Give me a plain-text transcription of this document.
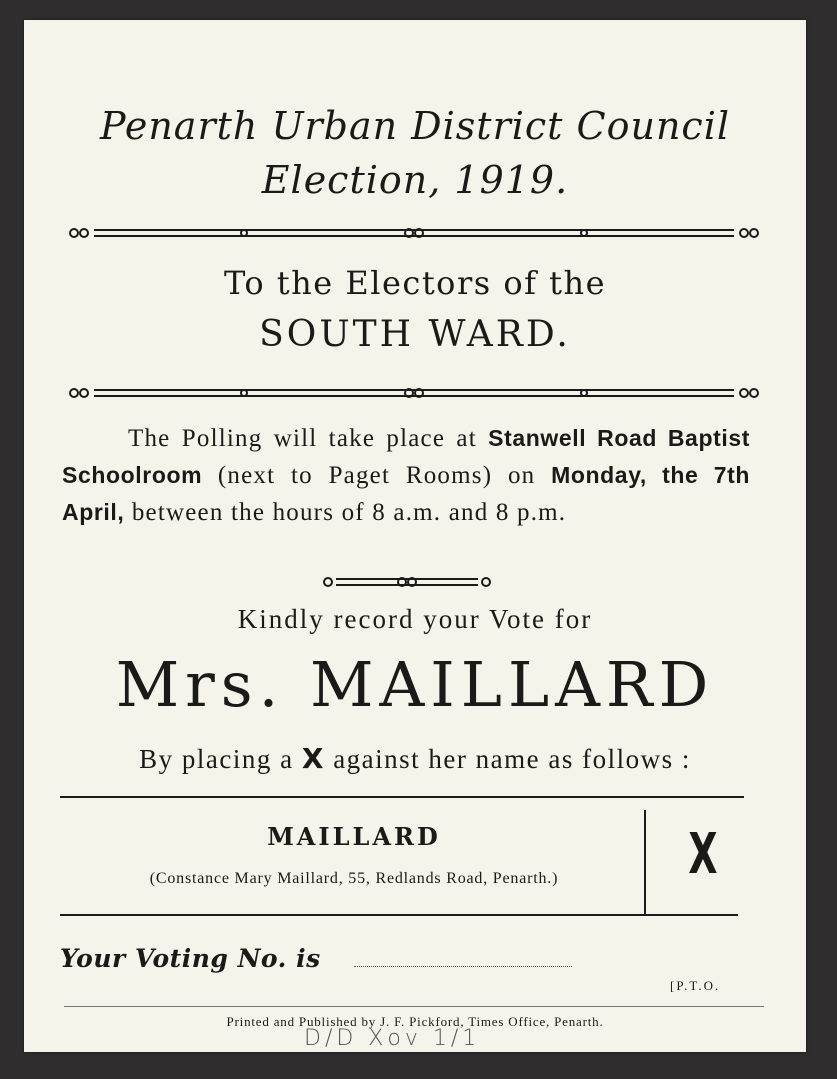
Penarth Urban District Council
Election, 1919.
To the Electors of the
SOUTH WARD.
The Polling will take place at Stanwell Road Baptist Schoolroom (next to Paget Rooms) on Monday, the 7th April, between the hours of 8 a.m. and 8 p.m.
Kindly record your Vote for
Mrs. MAILLARD
By placing a X against her name as follows :
MAILLARD
(Constance Mary Maillard, 55, Redlands Road, Penarth.)	X
Your Voting No. is
[P.T.O.
Printed and Published by J. F. Pickford, Times Office, Penarth.
D/D Xov 1/1
